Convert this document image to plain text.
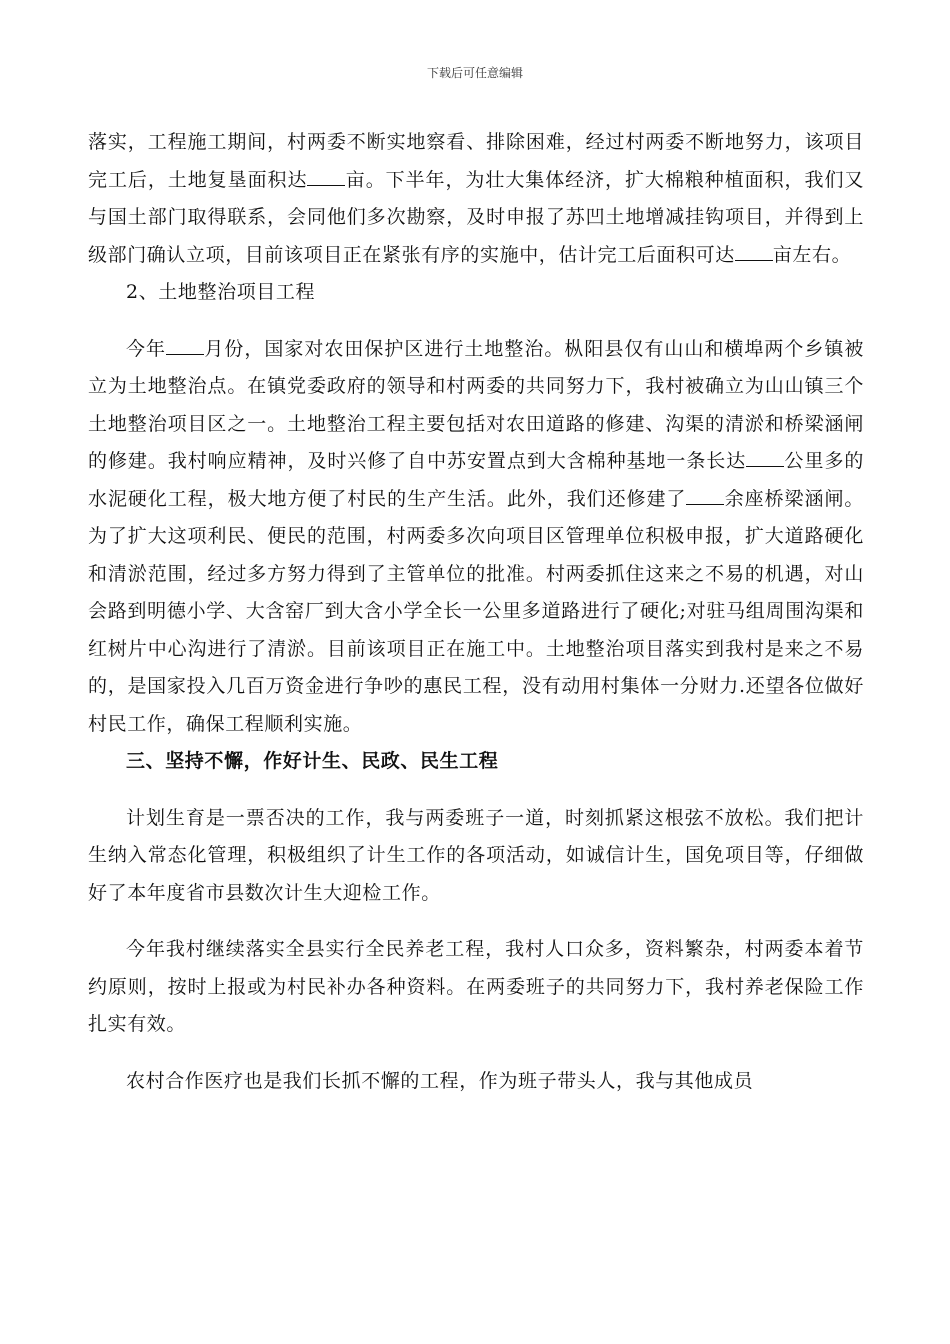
下载后可任意编辑

落实，工程施工期间，村两委不断实地察看、排除困难，经过村两委不断地努力，该项目完工后，土地复垦面积达 亩。下半年，为壮大集体经济，扩大棉粮种植面积，我们又与国土部门取得联系，会同他们多次勘察，及时申报了苏凹土地增减挂钩项目，并得到上级部门确认立项，目前该项目正在紧张有序的实施中，估计完工后面积可达 亩左右。

2、土地整治项目工程

今年 月份，国家对农田保护区进行土地整治。枞阳县仅有山山和横埠两个乡镇被立为土地整治点。在镇党委政府的领导和村两委的共同努力下，我村被确立为山山镇三个土地整治项目区之一。土地整治工程主要包括对农田道路的修建、沟渠的清淤和桥梁涵闸的修建。我村响应精神，及时兴修了自中苏安置点到大含棉种基地一条长达 公里多的水泥硬化工程，极大地方便了村民的生产生活。此外，我们还修建了 余座桥梁涵闸。为了扩大这项利民、便民的范围，村两委多次向项目区管理单位积极申报，扩大道路硬化和清淤范围，经过多方努力得到了主管单位的批准。村两委抓住这来之不易的机遇，对山会路到明德小学、大含窑厂到大含小学全长一公里多道路进行了硬化;对驻马组周围沟渠和红树片中心沟进行了清淤。目前该项目正在施工中。土地整治项目落实到我村是来之不易的，是国家投入几百万资金进行争吵的惠民工程，没有动用村集体一分财力.还望各位做好村民工作，确保工程顺利实施。

三、坚持不懈，作好计生、民政、民生工程

计划生育是一票否决的工作，我与两委班子一道，时刻抓紧这根弦不放松。我们把计生纳入常态化管理，积极组织了计生工作的各项活动，如诚信计生，国免项目等，仔细做好了本年度省市县数次计生大迎检工作。

今年我村继续落实全县实行全民养老工程，我村人口众多，资料繁杂，村两委本着节约原则，按时上报或为村民补办各种资料。在两委班子的共同努力下，我村养老保险工作扎实有效。

农村合作医疗也是我们长抓不懈的工程，作为班子带头人，我与其他成员
